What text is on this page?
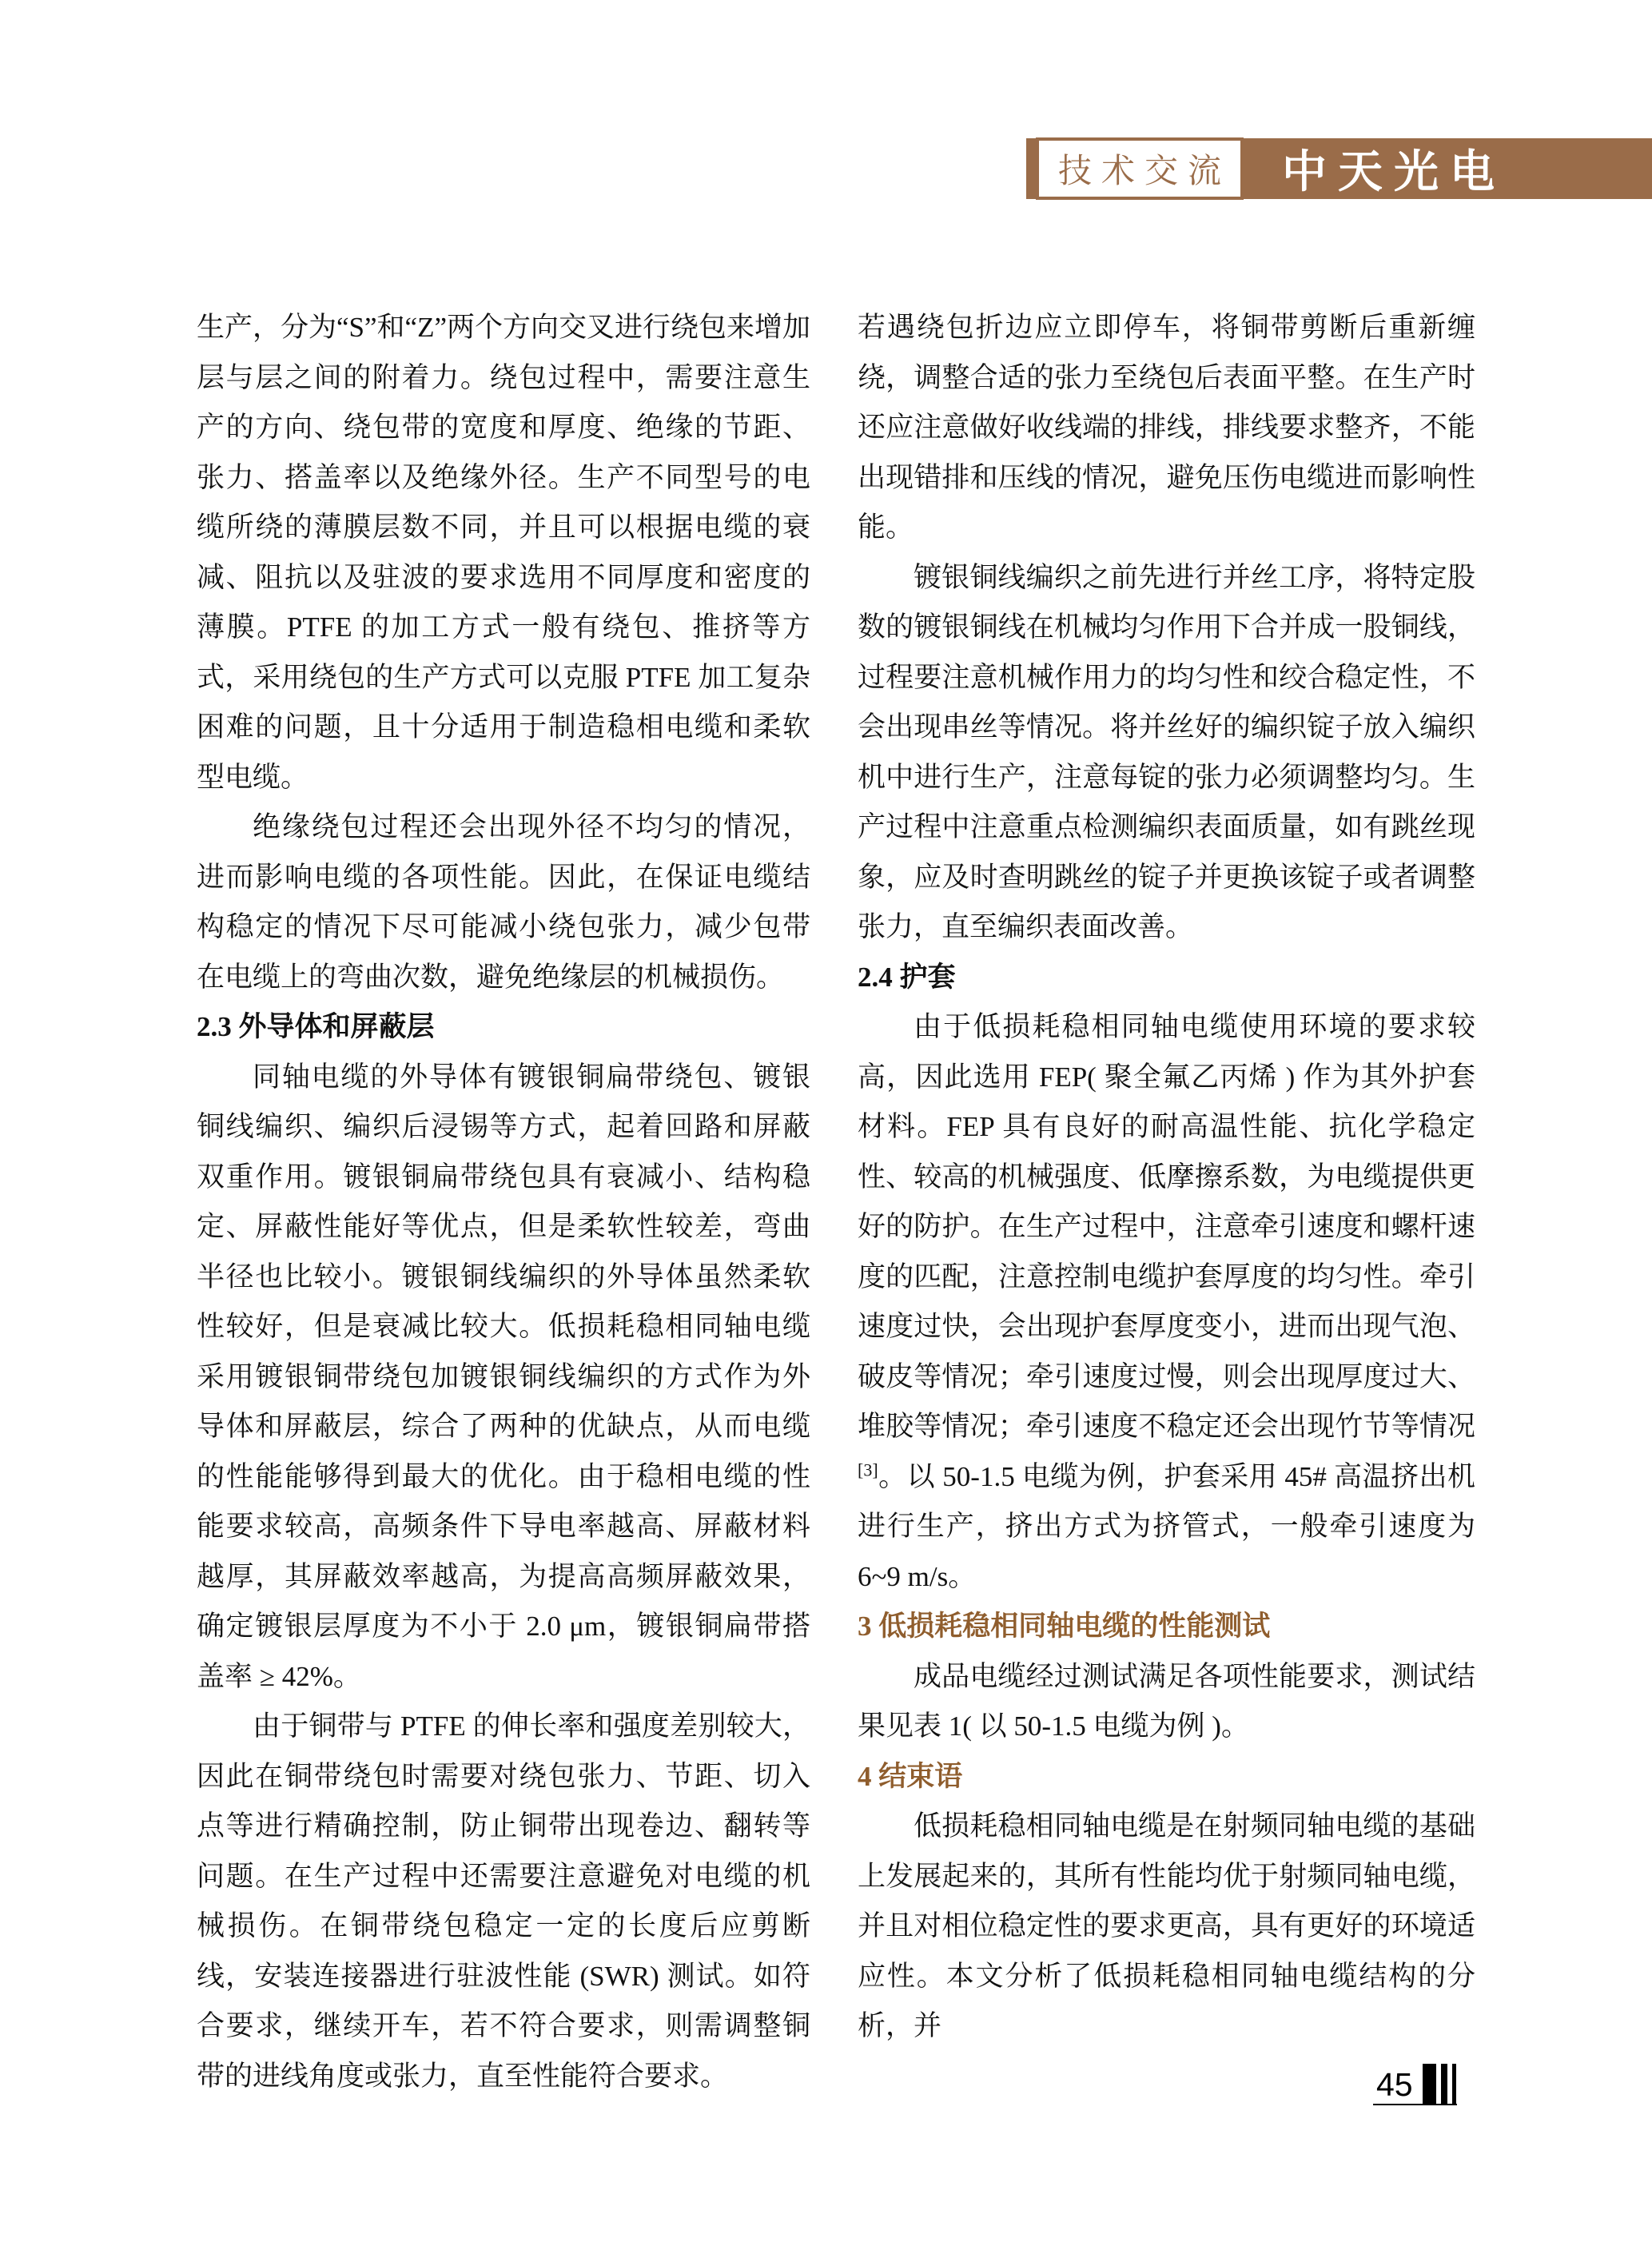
技术交流 中天光电

生产，分为“S”和“Z”两个方向交叉进行绕包来增加层与层之间的附着力。绕包过程中，需要注意生产的方向、绕包带的宽度和厚度、绝缘的节距、张力、搭盖率以及绝缘外径。生产不同型号的电缆所绕的薄膜层数不同，并且可以根据电缆的衰减、阻抗以及驻波的要求选用不同厚度和密度的薄膜。PTFE 的加工方式一般有绕包、推挤等方式，采用绕包的生产方式可以克服 PTFE 加工复杂困难的问题，且十分适用于制造稳相电缆和柔软型电缆。

绝缘绕包过程还会出现外径不均匀的情况，进而影响电缆的各项性能。因此，在保证电缆结构稳定的情况下尽可能减小绕包张力，减少包带在电缆上的弯曲次数，避免绝缘层的机械损伤。

2.3 外导体和屏蔽层

同轴电缆的外导体有镀银铜扁带绕包、镀银铜线编织、编织后浸锡等方式，起着回路和屏蔽双重作用。镀银铜扁带绕包具有衰减小、结构稳定、屏蔽性能好等优点，但是柔软性较差，弯曲半径也比较小。镀银铜线编织的外导体虽然柔软性较好，但是衰减比较大。低损耗稳相同轴电缆采用镀银铜带绕包加镀银铜线编织的方式作为外导体和屏蔽层，综合了两种的优缺点，从而电缆的性能能够得到最大的优化。由于稳相电缆的性能要求较高，高频条件下导电率越高、屏蔽材料越厚，其屏蔽效率越高，为提高高频屏蔽效果，确定镀银层厚度为不小于 2.0 μm，镀银铜扁带搭盖率 ≥ 42%。

由于铜带与 PTFE 的伸长率和强度差别较大，因此在铜带绕包时需要对绕包张力、节距、切入点等进行精确控制，防止铜带出现卷边、翻转等问题。在生产过程中还需要注意避免对电缆的机械损伤。在铜带绕包稳定一定的长度后应剪断线，安装连接器进行驻波性能 (SWR) 测试。如符合要求，继续开车，若不符合要求，则需调整铜带的进线角度或张力，直至性能符合要求。

若遇绕包折边应立即停车，将铜带剪断后重新缠绕，调整合适的张力至绕包后表面平整。在生产时还应注意做好收线端的排线，排线要求整齐，不能出现错排和压线的情况，避免压伤电缆进而影响性能。

镀银铜线编织之前先进行并丝工序，将特定股数的镀银铜线在机械均匀作用下合并成一股铜线，过程要注意机械作用力的均匀性和绞合稳定性，不会出现串丝等情况。将并丝好的编织锭子放入编织机中进行生产，注意每锭的张力必须调整均匀。生产过程中注意重点检测编织表面质量，如有跳丝现象，应及时查明跳丝的锭子并更换该锭子或者调整张力，直至编织表面改善。

2.4 护套

由于低损耗稳相同轴电缆使用环境的要求较高，因此选用 FEP( 聚全氟乙丙烯 ) 作为其外护套材料。FEP 具有良好的耐高温性能、抗化学稳定性、较高的机械强度、低摩擦系数，为电缆提供更好的防护。在生产过程中，注意牵引速度和螺杆速度的匹配，注意控制电缆护套厚度的均匀性。牵引速度过快，会出现护套厚度变小，进而出现气泡、破皮等情况；牵引速度过慢，则会出现厚度过大、堆胶等情况；牵引速度不稳定还会出现竹节等情况[3]。以 50-1.5 电缆为例，护套采用 45# 高温挤出机进行生产，挤出方式为挤管式，一般牵引速度为 6~9 m/s。

3 低损耗稳相同轴电缆的性能测试

成品电缆经过测试满足各项性能要求，测试结果见表 1( 以 50-1.5 电缆为例 )。

4 结束语

低损耗稳相同轴电缆是在射频同轴电缆的基础上发展起来的，其所有性能均优于射频同轴电缆，并且对相位稳定性的要求更高，具有更好的环境适应性。本文分析了低损耗稳相同轴电缆结构的分析，并

45
